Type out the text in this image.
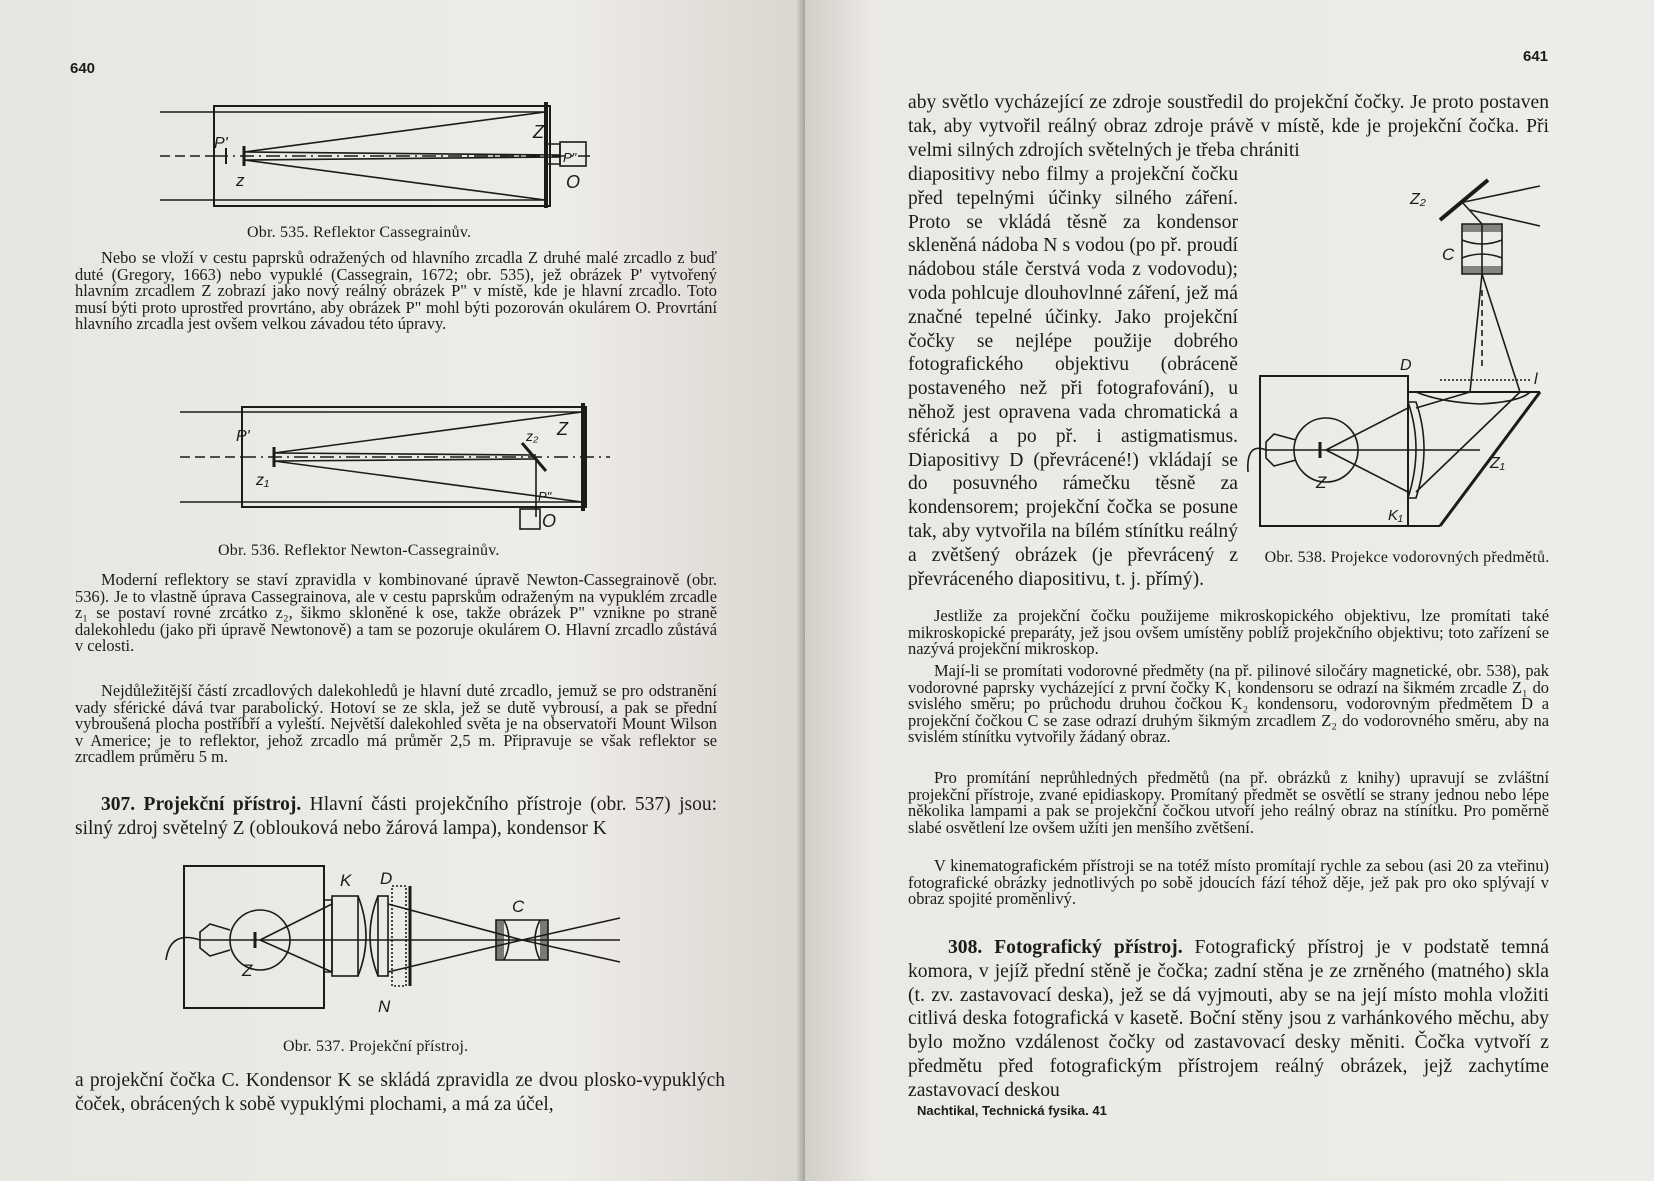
640
P'
Z
z
P"
O
Obr. 535. Reflektor Cassegrainův.

Nebo se vloží v cestu paprsků odražených od hlavního zrcadla Z druhé malé zrcadlo z buď duté (Gregory, 1663) nebo vypuklé (Cassegrain, 1672; obr. 535), jež obrázek P' vytvořený hlavním zrcadlem Z zobrazí jako nový reálný obrázek P" v místě, kde je hlavní zrcadlo. Toto musí býti proto uprostřed provrtáno, aby obrázek P" mohl býti pozorován okulárem O. Provrtání hlavního zrcadla jest ovšem velkou závadou této úpravy.

P'	Z
z₁
z₂
P"
O
Obr. 536. Reflektor Newton-Cassegrainův.

Moderní reflektory se staví zpravidla v kombinované úpravě Newton-Cassegrainově (obr. 536). Je to vlastně úprava Cassegrainova, ale v cestu paprskům odraženým na vypuklém zrcadle z₁ se postaví rovné zrcátko z₂, šikmo skloněné k ose, takže obrázek P" vznikne po straně dalekohledu (jako při úpravě Newtonově) a tam se pozoruje okulárem O. Hlavní zrcadlo zůstává v celosti.

Nejdůležitější částí zrcadlových dalekohledů je hlavní duté zrcadlo, jemuž se pro odstranění vady sférické dává tvar parabolický. Hotoví se ze skla, jež se dutě vybrousí, a pak se přední vybroušená plocha postříbří a vyleští. Největší dalekohled světa je na observatoři Mount Wilson v Americe; je to reflektor, jehož zrcadlo má průměr 2,5 m. Připravuje se však reflektor se zrcadlem průměru 5 m.

307. Projekční přístroj. Hlavní části projekčního přístroje (obr. 537) jsou: silný zdroj světelný Z (oblouková nebo žárová lampa), kondensor K

K D
C
Z
N
Obr. 537. Projekční přístroj.

a projekční čočka C. Kondensor K se skládá zpravidla ze dvou plosko-vypuklých čoček, obrácených k sobě vypuklými plochami, a má za účel,

641

aby světlo vycházející ze zdroje soustředil do projekční čočky. Je proto postaven tak, aby vytvořil reálný obraz zdroje právě v místě, kde je projekční čočka. Při velmi silných zdrojích světelných je třeba chrániti

diapositivy nebo filmy a projekční čočku před tepelnými účinky silného záření. Proto se vkládá těsně za kondensor skleněná nádoba N s vodou (po př. proudí nádobou stále čerstvá voda z vodovodu); voda pohlcuje dlouhovlnné záření, jež má značné tepelné účinky. Jako projekční čočky se nejlépe použije dobrého fotografického objektivu (obráceně postaveného než při fotografování), u něhož jest opravena vada chromatická a sférická a po př. i astigmatismus. Diapositivy D (převrácené!) vkládají se do posuvného rámečku těsně za kondensorem; projekční čočka se posune tak, aby vytvořila na bílém stínítku reálný a zvětšený obrázek (je převrácený z převráceného diapositivu, t. j. přímý).

Z₂
C
D
l
Z₁
Z
K₁
Obr. 538. Projekce vodorovných předmětů.

Jestliže za projekční čočku použijeme mikroskopického objektivu, lze promítati také mikroskopické preparáty, jež jsou ovšem umístěny poblíž projekčního objektivu; toto zařízení se nazývá projekční mikroskop.

Mají-li se promítati vodorovné předměty (na př. pilinové siločáry magnetické, obr. 538), pak vodorovné paprsky vycházející z první čočky K₁ kondensoru se odrazí na šikmém zrcadle Z₁ do svislého směru; po průchodu druhou čočkou K₂ kondensoru, vodorovným předmětem D a projekční čočkou C se zase odrazí druhým šikmým zrcadlem Z₂ do vodorovného směru, aby na svislém stínítku vytvořily žádaný obraz.

Pro promítání neprůhledných předmětů (na př. obrázků z knihy) upravují se zvláštní projekční přístroje, zvané epidiaskopy. Promítaný předmět se osvětlí se strany jednou nebo lépe několika lampami a pak se projekční čočkou utvoří jeho reálný obraz na stínítku. Pro poměrně slabé osvětlení lze ovšem užíti jen menšího zvětšení.

V kinematografickém přístroji se na totéž místo promítají rychle za sebou (asi 20 za vteřinu) fotografické obrázky jednotlivých po sobě jdoucích fází téhož děje, jež pak pro oko splývají v obraz spojité proměnlivý.

308. Fotografický přístroj. Fotografický přístroj je v podstatě temná komora, v jejíž přední stěně je čočka; zadní stěna je ze zrněného (matného) skla (t. zv. zastavovací deska), jež se dá vyjmouti, aby se na její místo mohla vložiti citlivá deska fotografická v kasetě. Boční stěny jsou z varhánkového měchu, aby bylo možno vzdálenost čočky od zastavovací desky měniti. Čočka vytvoří z předmětu před fotografickým přístrojem reálný obrázek, jejž zachytíme zastavovací deskou

Nachtikal, Technická fysika. 41
